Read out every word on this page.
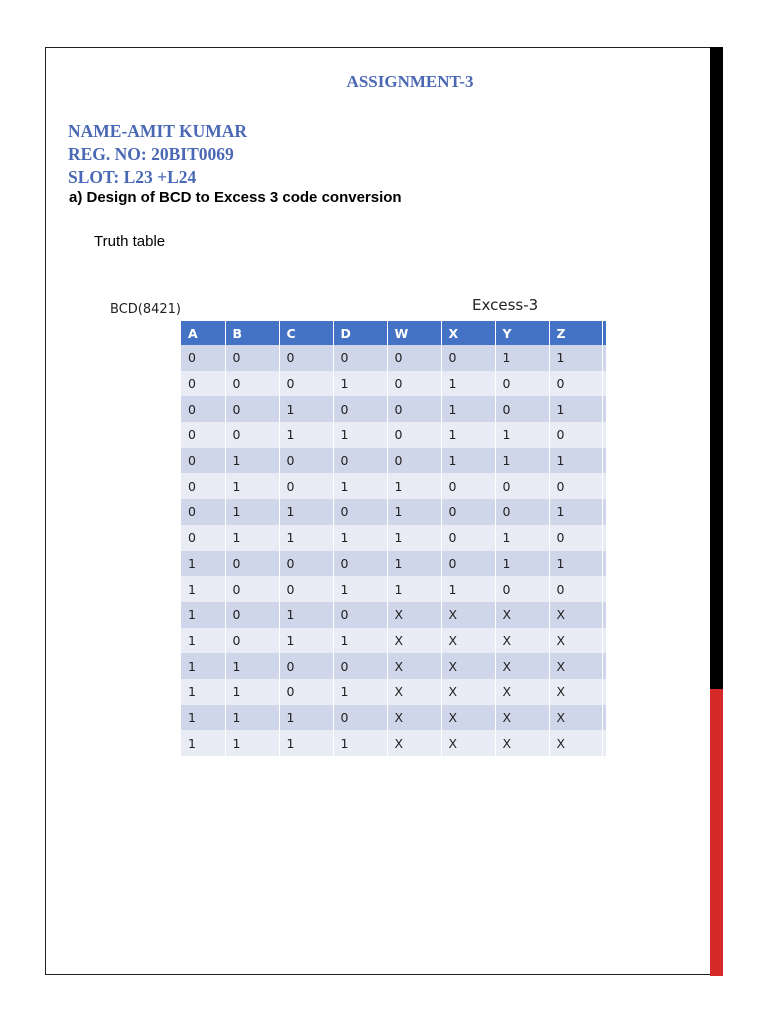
ASSIGNMENT-3
NAME-AMIT KUMAR
REG. NO: 20BIT0069
SLOT: L23 +L24
a) Design of BCD to Excess 3 code conversion
Truth table
BCD(8421)	Excess-3
A	B	C	D	W	X	Y	Z	
0	0	0	0	0	0	1	1	
0	0	0	1	0	1	0	0	
0	0	1	0	0	1	0	1	
0	0	1	1	0	1	1	0	
0	1	0	0	0	1	1	1	
0	1	0	1	1	0	0	0	
0	1	1	0	1	0	0	1	
0	1	1	1	1	0	1	0	
1	0	0	0	1	0	1	1	
1	0	0	1	1	1	0	0	
1	0	1	0	X	X	X	X	
1	0	1	1	X	X	X	X	
1	1	0	0	X	X	X	X	
1	1	0	1	X	X	X	X	
1	1	1	0	X	X	X	X	
1	1	1	1	X	X	X	X	
